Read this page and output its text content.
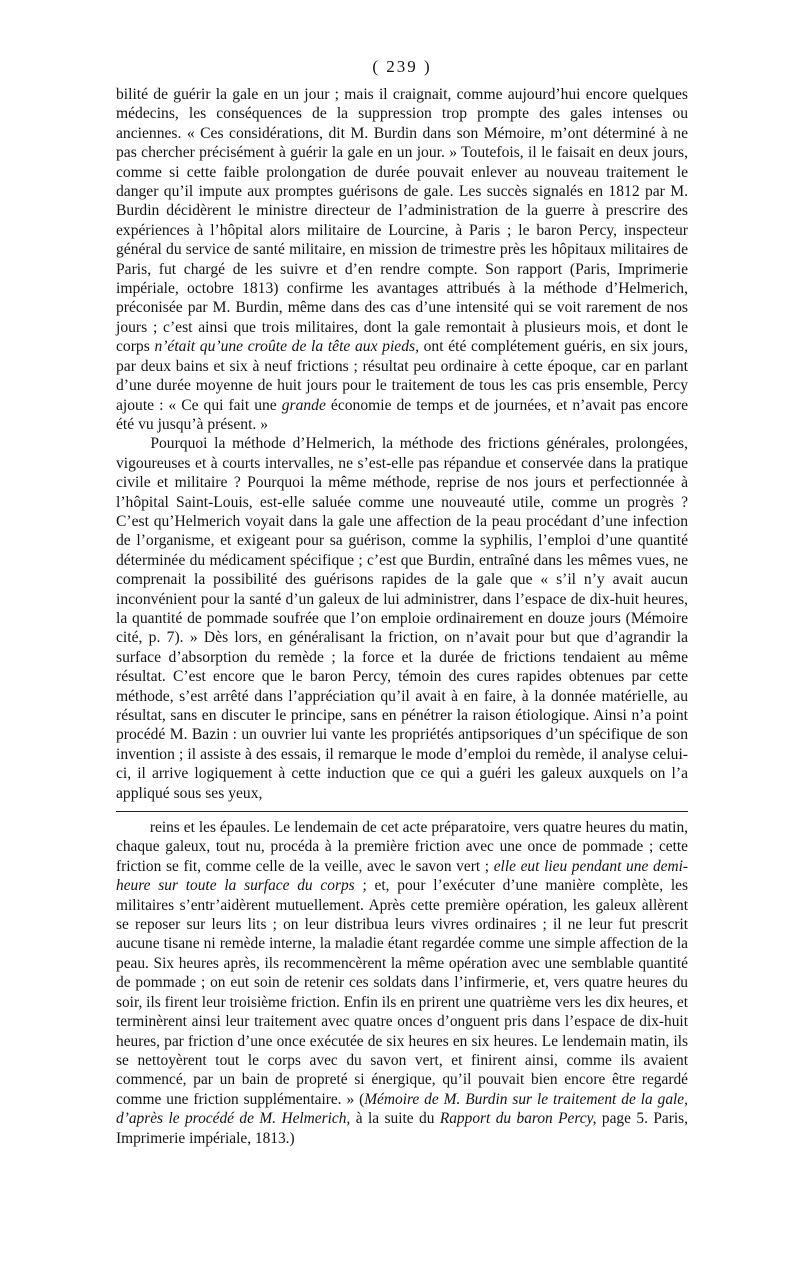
( 239 )

bilité de guérir la gale en un jour ; mais il craignait, comme aujourd’hui encore quelques médecins, les conséquences de la suppression trop prompte des gales intenses ou anciennes. « Ces considérations, dit M. Burdin dans son Mémoire, m’ont déterminé à ne pas chercher précisément à guérir la gale en un jour. » Toutefois, il le faisait en deux jours, comme si cette faible prolongation de durée pouvait enlever au nouveau traitement le danger qu’il impute aux promptes guérisons de gale. Les succès signalés en 1812 par M. Burdin décidèrent le ministre directeur de l’administration de la guerre à prescrire des expériences à l’hôpital alors militaire de Lourcine, à Paris ; le baron Percy, inspecteur général du service de santé militaire, en mission de trimestre près les hôpitaux militaires de Paris, fut chargé de les suivre et d’en rendre compte. Son rapport (Paris, Imprimerie impériale, octobre 1813) confirme les avantages attribués à la méthode d’Helmerich, préconisée par M. Burdin, même dans des cas d’une intensité qui se voit rarement de nos jours ; c’est ainsi que trois militaires, dont la gale remontait à plusieurs mois, et dont le corps n’était qu’une croûte de la tête aux pieds, ont été complétement guéris, en six jours, par deux bains et six à neuf frictions ; résultat peu ordinaire à cette époque, car en parlant d’une durée moyenne de huit jours pour le traitement de tous les cas pris ensemble, Percy ajoute : « Ce qui fait une grande économie de temps et de journées, et n’avait pas encore été vu jusqu’à présent. »

Pourquoi la méthode d’Helmerich, la méthode des frictions générales, prolongées, vigoureuses et à courts intervalles, ne s’est-elle pas répandue et conservée dans la pratique civile et militaire ? Pourquoi la même méthode, reprise de nos jours et perfectionnée à l’hôpital Saint-Louis, est-elle saluée comme une nouveauté utile, comme un progrès ? C’est qu’Helmerich voyait dans la gale une affection de la peau procédant d’une infection de l’organisme, et exigeant pour sa guérison, comme la syphilis, l’emploi d’une quantité déterminée du médicament spécifique ; c’est que Burdin, entraîné dans les mêmes vues, ne comprenait la possibilité des guérisons rapides de la gale que « s’il n’y avait aucun inconvénient pour la santé d’un galeux de lui administrer, dans l’espace de dix-huit heures, la quantité de pommade soufrée que l’on emploie ordinairement en douze jours (Mémoire cité, p. 7). » Dès lors, en généralisant la friction, on n’avait pour but que d’agrandir la surface d’absorption du remède ; la force et la durée de frictions tendaient au même résultat. C’est encore que le baron Percy, témoin des cures rapides obtenues par cette méthode, s’est arrêté dans l’appréciation qu’il avait à en faire, à la donnée matérielle, au résultat, sans en discuter le principe, sans en pénétrer la raison étiologique. Ainsi n’a point procédé M. Bazin : un ouvrier lui vante les propriétés antipsoriques d’un spécifique de son invention ; il assiste à des essais, il remarque le mode d’emploi du remède, il analyse celui-ci, il arrive logiquement à cette induction que ce qui a guéri les galeux auxquels on l’a appliqué sous ses yeux,

reins et les épaules. Le lendemain de cet acte préparatoire, vers quatre heures du matin, chaque galeux, tout nu, procéda à la première friction avec une once de pommade ; cette friction se fit, comme celle de la veille, avec le savon vert ; elle eut lieu pendant une demi-heure sur toute la surface du corps ; et, pour l’exécuter d’une manière complète, les militaires s’entr’aidèrent mutuellement. Après cette première opération, les galeux allèrent se reposer sur leurs lits ; on leur distribua leurs vivres ordinaires ; il ne leur fut prescrit aucune tisane ni remède interne, la maladie étant regardée comme une simple affection de la peau. Six heures après, ils recommencèrent la même opération avec une semblable quantité de pommade ; on eut soin de retenir ces soldats dans l’infirmerie, et, vers quatre heures du soir, ils firent leur troisième friction. Enfin ils en prirent une quatrième vers les dix heures, et terminèrent ainsi leur traitement avec quatre onces d’onguent pris dans l’espace de dix-huit heures, par friction d’une once exécutée de six heures en six heures. Le lendemain matin, ils se nettoyèrent tout le corps avec du savon vert, et finirent ainsi, comme ils avaient commencé, par un bain de propreté si énergique, qu’il pouvait bien encore être regardé comme une friction supplémentaire. » (Mémoire de M. Burdin sur le traitement de la gale, d’après le procédé de M. Helmerich, à la suite du Rapport du baron Percy, page 5. Paris, Imprimerie impériale, 1813.)
